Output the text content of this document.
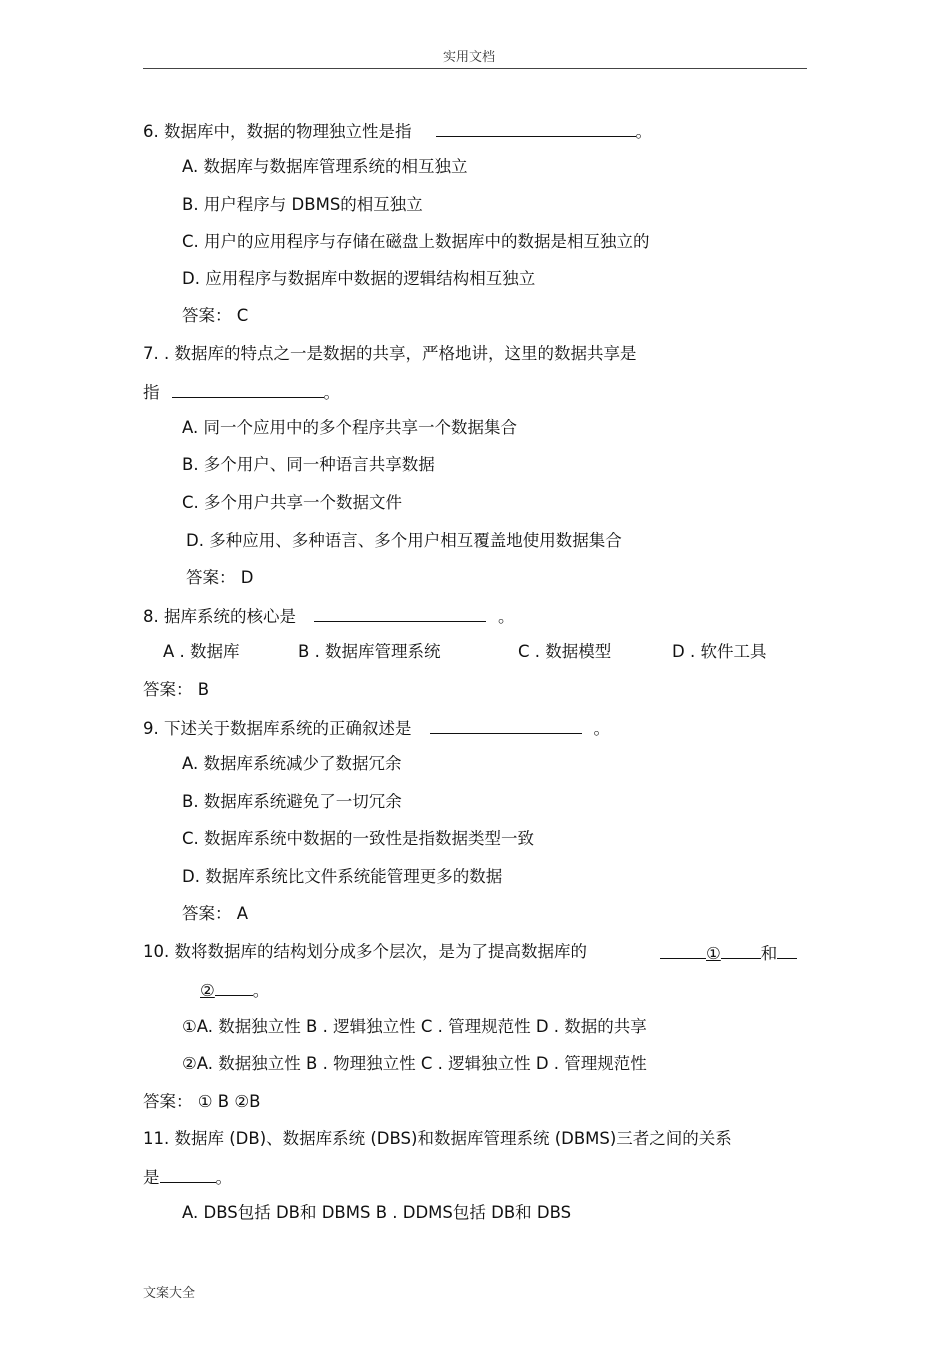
实用文档
6. 数据库中，数据的物理独立性是指	。
A. 数据库与数据库管理系统的相互独立
B. 用户程序与 DBMS的相互独立
C. 用户的应用程序与存储在磁盘上数据库中的数据是相互独立的
D. 应用程序与数据库中数据的逻辑结构相互独立
答案： C
7. . 数据库的特点之一是数据的共享，严格地讲，这里的数据共享是
指	。
A. 同一个应用中的多个程序共享一个数据集合
B. 多个用户、同一种语言共享数据
C. 多个用户共享一个数据文件
D. 多种应用、多种语言、多个用户相互覆盖地使用数据集合
答案： D
8. 据库系统的核心是	。
A . 数据库	B . 数据库管理系统	C . 数据模型	D . 软件工具
答案： B
9. 下述关于数据库系统的正确叙述是	。
A. 数据库系统减少了数据冗余
B. 数据库系统避免了一切冗余
C. 数据库系统中数据的一致性是指数据类型一致
D. 数据库系统比文件系统能管理更多的数据
答案： A
10. 数将数据库的结构划分成多个层次，是为了提高数据库的	① 和
② 。
①A. 数据独立性 B . 逻辑独立性 C . 管理规范性 D . 数据的共享
②A. 数据独立性 B . 物理独立性 C . 逻辑独立性 D . 管理规范性
答案： ① B ②B
11. 数据库 (DB)、数据库系统 (DBS)和数据库管理系统 (DBMS)三者之间的关系
是	。
A. DBS包括 DB和 DBMS B . DDMS包括 DB和 DBS
文案大全
